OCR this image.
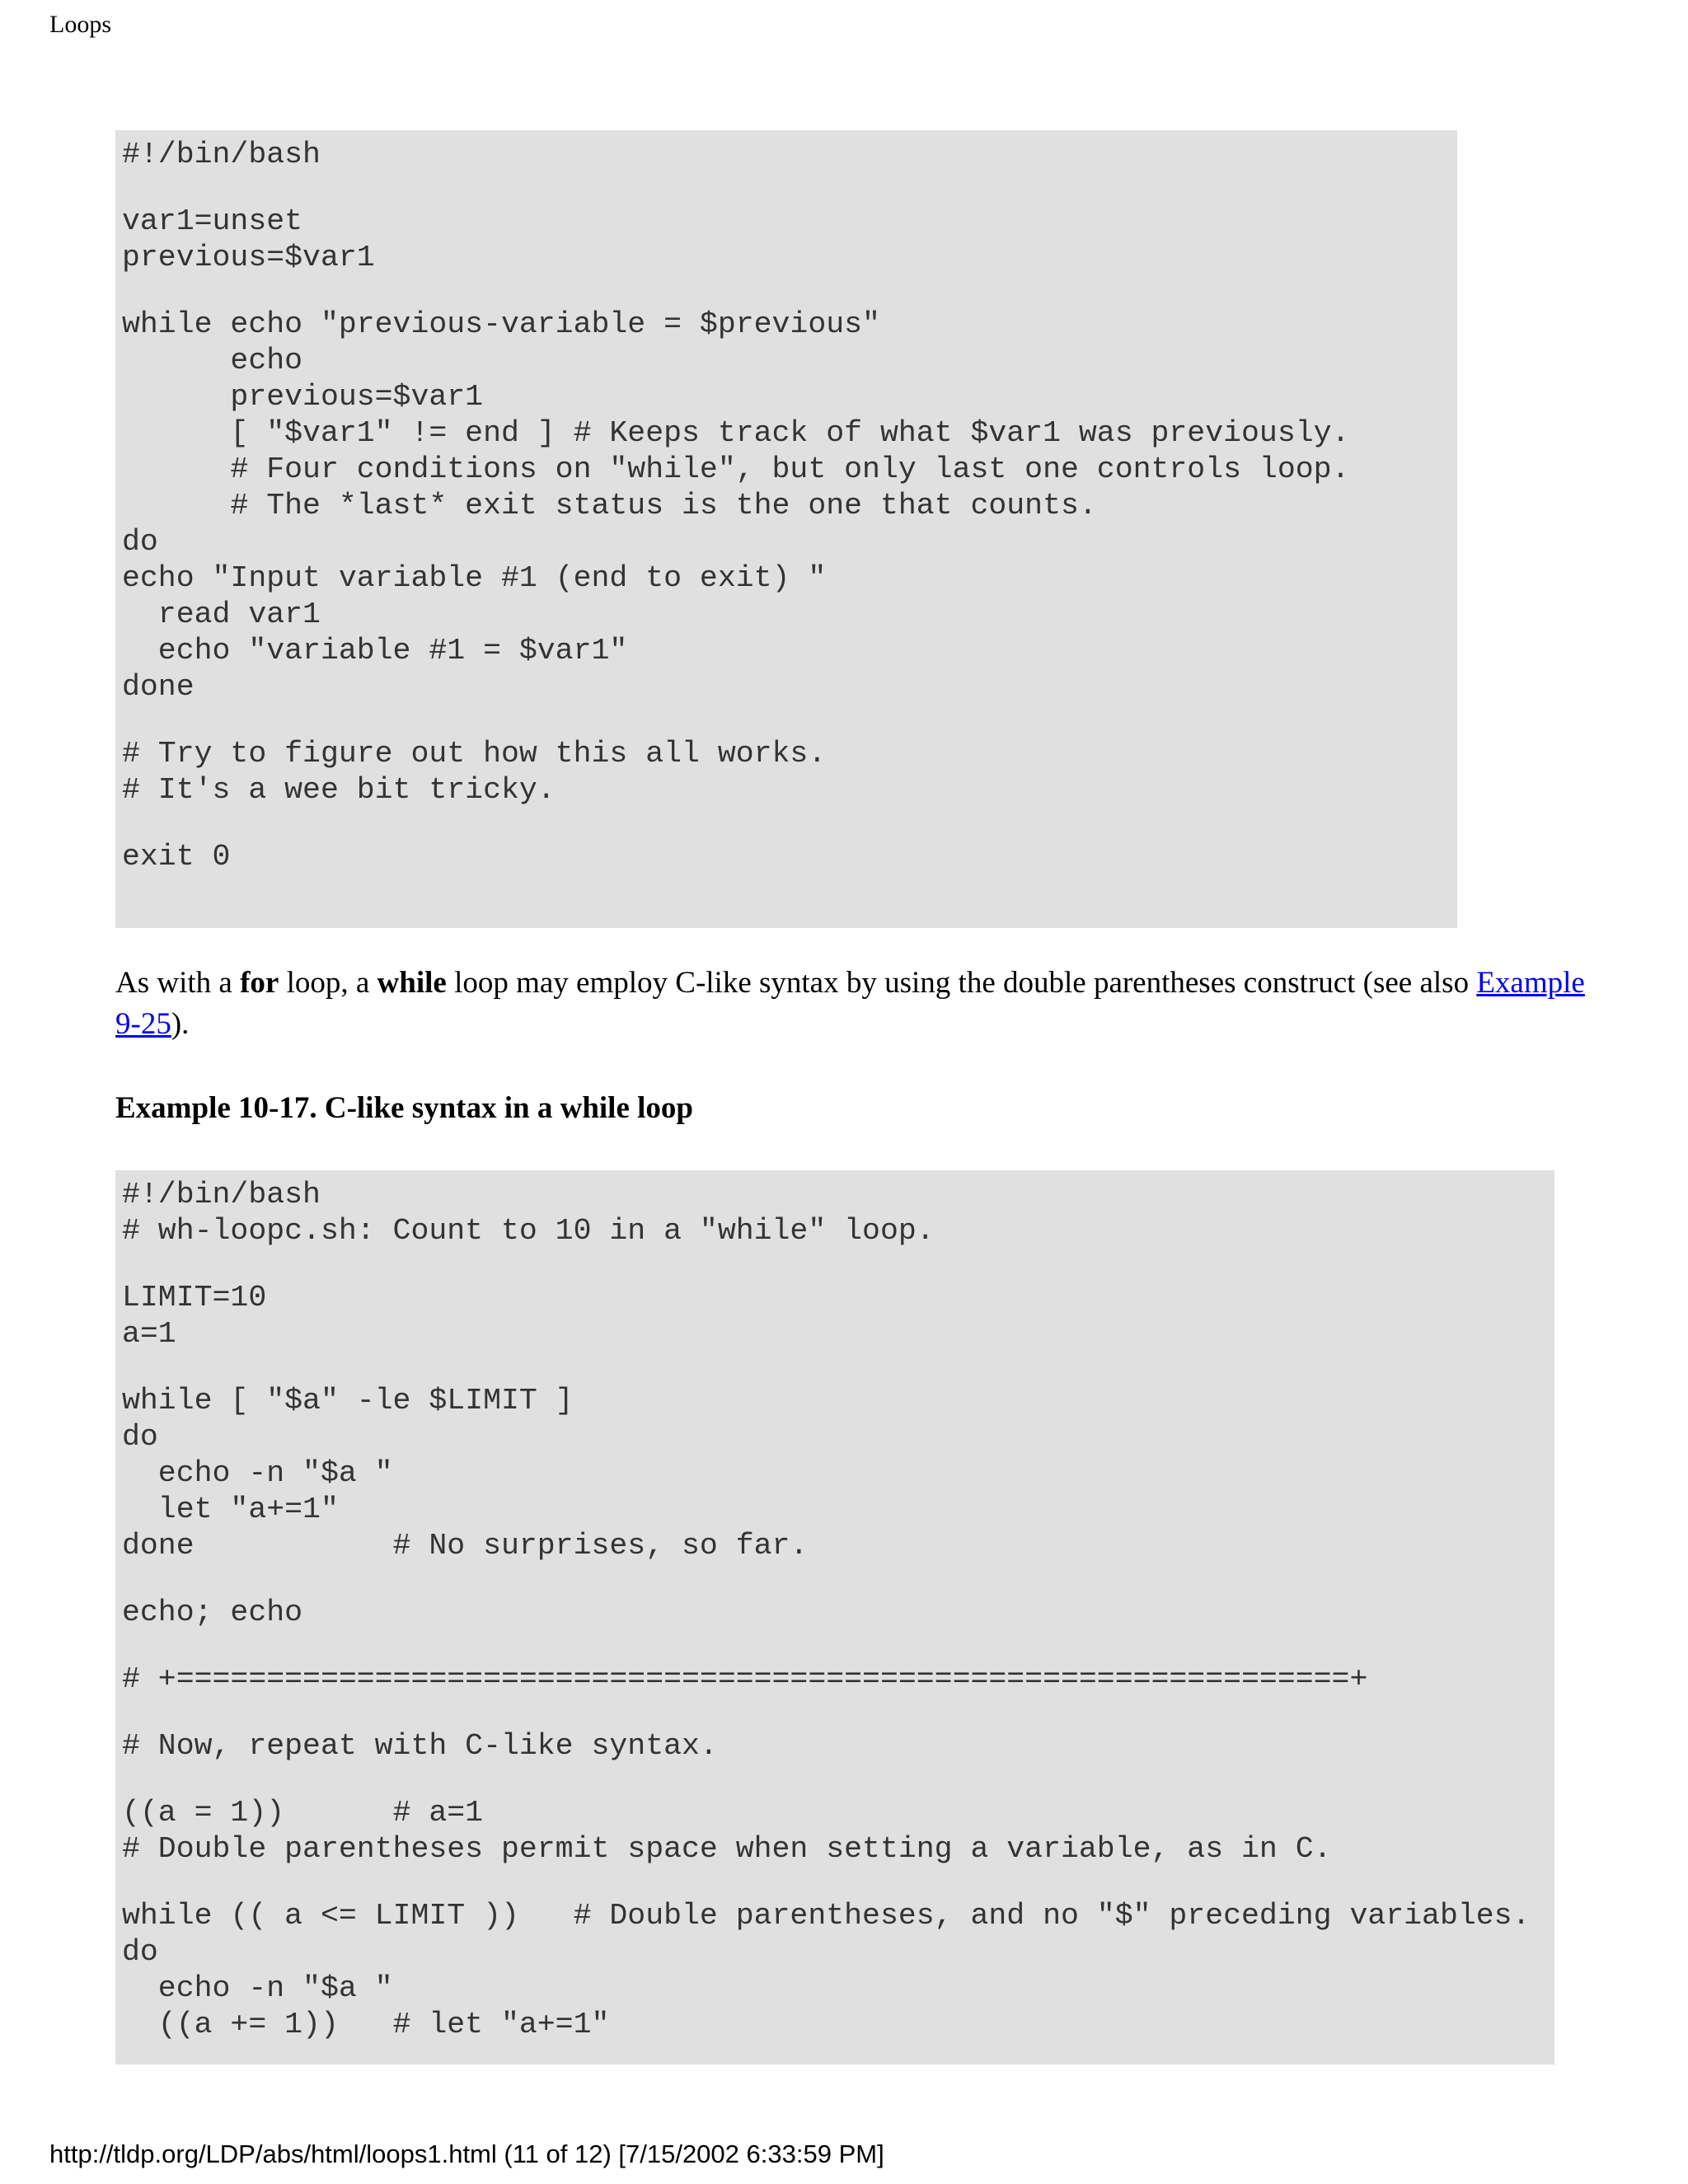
Loops
#!/bin/bash
var1=unset
previous=$var1
while echo "previous-variable = $previous"
echo
previous=$var1
[ "$var1" != end ] # Keeps track of what $var1 was previously.
# Four conditions on "while", but only last one controls loop.
# The *last* exit status is the one that counts.
do
echo "Input variable #1 (end to exit) "
read var1
echo "variable #1 = $var1"
done
# Try to figure out how this all works.
# It's a wee bit tricky.
exit 0
As with a for loop, a while loop may employ C-like syntax by using the double parentheses construct (see also Example 9-25).
Example 10-17. C-like syntax in a while loop
#!/bin/bash
# wh-loopc.sh: Count to 10 in a "while" loop.
LIMIT=10
a=1
while [ "$a" -le $LIMIT ]
do
echo -n "$a "
let "a+=1"
done           # No surprises, so far.
echo; echo
# +=================================================================+
# Now, repeat with C-like syntax.
((a = 1))      # a=1
# Double parentheses permit space when setting a variable, as in C.
while (( a <= LIMIT ))   # Double parentheses, and no "$" preceding variables.
do
echo -n "$a "
((a += 1))   # let "a+=1"
http://tldp.org/LDP/abs/html/loops1.html (11 of 12) [7/15/2002 6:33:59 PM]
